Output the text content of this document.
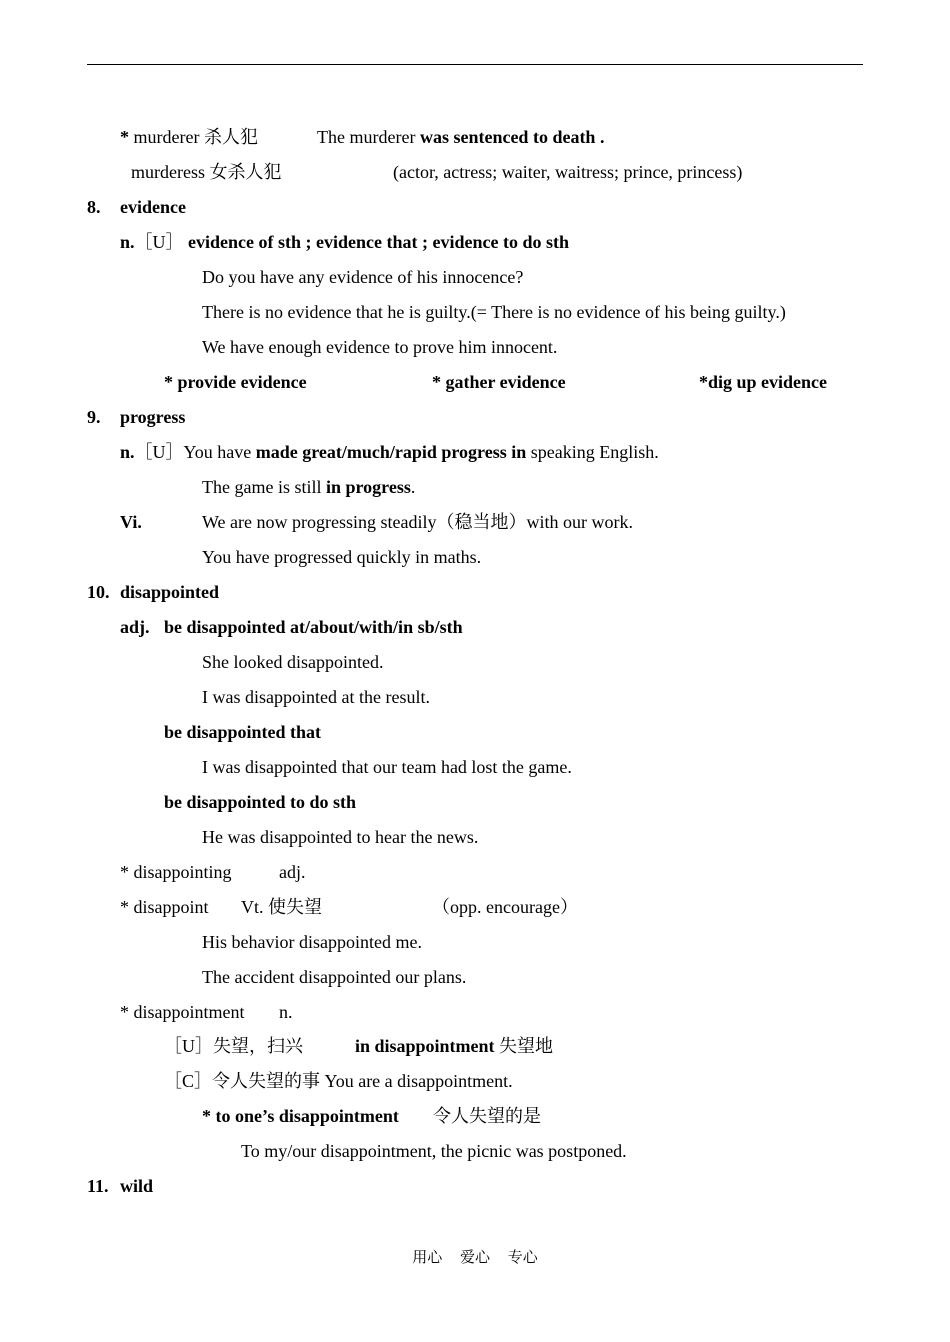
* murderer 杀人犯	The murderer was sentenced to death .
murderess 女杀人犯	(actor, actress; waiter, waitress; prince, princess)
8. evidence
n.［U］ evidence of sth ; evidence that ; evidence to do sth
Do you have any evidence of his innocence?
There is no evidence that he is guilty.(= There is no evidence of his being guilty.)
We have enough evidence to prove him innocent.
* provide evidence	* gather evidence	*dig up evidence
9. progress
n.［U］You have made great/much/rapid progress in speaking English.
The game is still in progress.
Vi.	We are now progressing steadily（稳当地）with our work.
You have progressed quickly in maths.
10. disappointed
adj. be disappointed at/about/with/in sb/sth
She looked disappointed.
I was disappointed at the result.
be disappointed that
I was disappointed that our team had lost the game.
be disappointed to do sth
He was disappointed to hear the news.
* disappointing	adj.
* disappoint Vt. 使失望	（opp. encourage）
His behavior disappointed me.
The accident disappointed our plans.
* disappointment n.
［U］失望，扫兴	in disappointment 失望地
［C］令人失望的事 You are a disappointment.
* to one’s disappointment 令人失望的是
To my/our disappointment, the picnic was postponed.
11. wild
用心 爱心 专心
